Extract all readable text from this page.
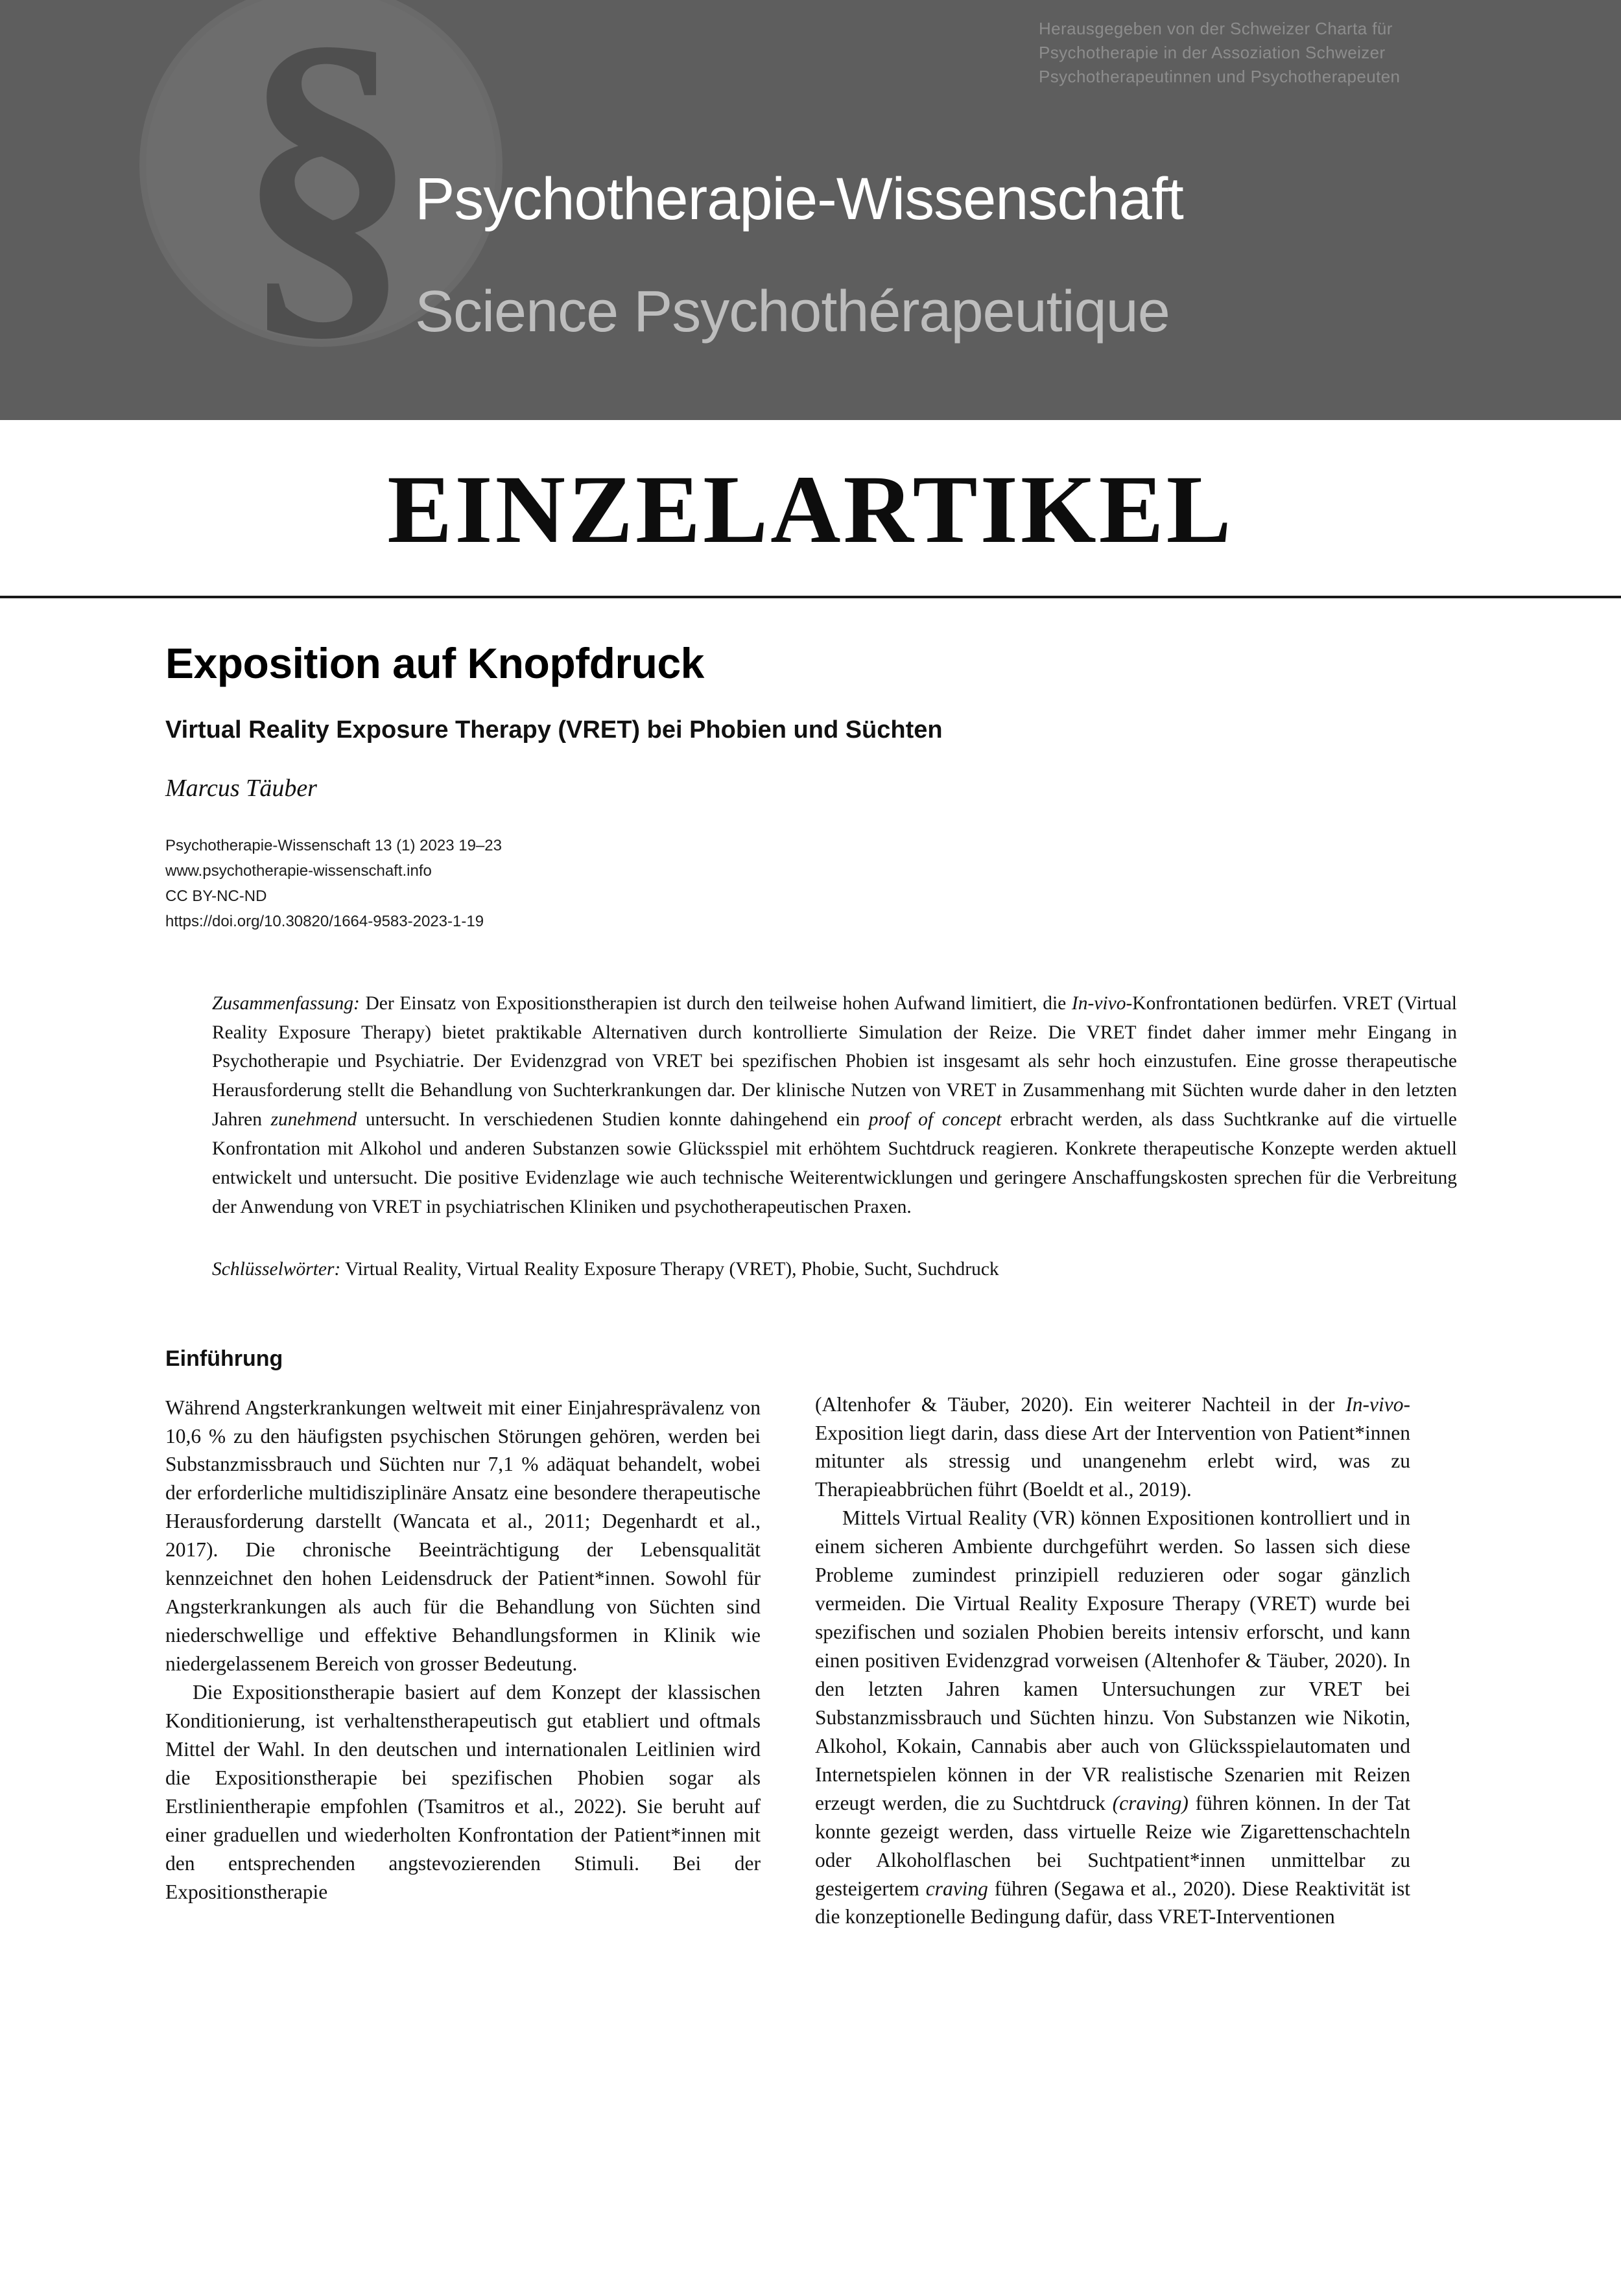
§	Herausgegeben von der Schweizer Charta für
Psychotherapie in der Assoziation Schweizer
Psychotherapeutinnen und Psychotherapeuten
Psychotherapie-Wissenschaft
Science Psychothérapeutique
EINZELARTIKEL
Exposition auf Knopfdruck
Virtual Reality Exposure Therapy (VRET) bei Phobien und Süchten
Marcus Täuber
Psychotherapie-Wissenschaft 13 (1) 2023 19–23
www.psychotherapie-wissenschaft.info
CC BY-NC-ND
https://doi.org/10.30820/1664-9583-2023-1-19
Zusammenfassung: Der Einsatz von Expositionstherapien ist durch den teilweise hohen Aufwand limitiert, die In-vivo-Konfrontationen bedürfen. VRET (Virtual Reality Exposure Therapy) bietet praktikable Alternativen durch kontrollierte Simulation der Reize. Die VRET findet daher immer mehr Eingang in Psychotherapie und Psychiatrie. Der Evidenzgrad von VRET bei spezifischen Phobien ist insgesamt als sehr hoch einzustufen. Eine grosse therapeutische Herausforderung stellt die Behandlung von Suchterkrankungen dar. Der klinische Nutzen von VRET in Zusammenhang mit Süchten wurde daher in den letzten Jahren zunehmend untersucht. In verschiedenen Studien konnte dahingehend ein proof of concept erbracht werden, als dass Suchtkranke auf die virtuelle Konfrontation mit Alkohol und anderen Substanzen sowie Glücksspiel mit erhöhtem Suchtdruck reagieren. Konkrete therapeutische Konzepte werden aktuell entwickelt und untersucht. Die positive Evidenzlage wie auch technische Weiterentwicklungen und geringere Anschaffungskosten sprechen für die Verbreitung der Anwendung von VRET in psychiatrischen Kliniken und psychotherapeutischen Praxen.
Schlüsselwörter: Virtual Reality, Virtual Reality Exposure Therapy (VRET), Phobie, Sucht, Suchdruck
Einführung

Während Angsterkrankungen weltweit mit einer Einjahresprävalenz von 10,6 % zu den häufigsten psychischen Störungen gehören, werden bei Substanzmissbrauch und Süchten nur 7,1 % adäquat behandelt, wobei der erforderliche multidisziplinäre Ansatz eine besondere therapeutische Herausforderung darstellt (Wancata et al., 2011; Degenhardt et al., 2017). Die chronische Beeinträchtigung der Lebensqualität kennzeichnet den hohen Leidensdruck der Patient*innen. Sowohl für Angsterkrankungen als auch für die Behandlung von Süchten sind niederschwellige und effektive Behandlungsformen in Klinik wie niedergelassenem Bereich von grosser Bedeutung.

Die Expositionstherapie basiert auf dem Konzept der klassischen Konditionierung, ist verhaltenstherapeutisch gut etabliert und oftmals Mittel der Wahl. In den deutschen und internationalen Leitlinien wird die Expositionstherapie bei spezifischen Phobien sogar als Erstlinientherapie empfohlen (Tsamitros et al., 2022). Sie beruht auf einer graduellen und wiederholten Konfrontation der Patient*innen mit den entsprechenden angstevozierenden Stimuli. Bei der Expositionstherapie

(Altenhofer & Täuber, 2020). Ein weiterer Nachteil in der In-vivo-Exposition liegt darin, dass diese Art der Intervention von Patient*innen mitunter als stressig und unangenehm erlebt wird, was zu Therapieabbrüchen führt (Boeldt et al., 2019).

Mittels Virtual Reality (VR) können Expositionen kontrolliert und in einem sicheren Ambiente durchgeführt werden. So lassen sich diese Probleme zumindest prinzipiell reduzieren oder sogar gänzlich vermeiden. Die Virtual Reality Exposure Therapy (VRET) wurde bei spezifischen und sozialen Phobien bereits intensiv erforscht, und kann einen positiven Evidenzgrad vorweisen (Altenhofer & Täuber, 2020). In den letzten Jahren kamen Untersuchungen zur VRET bei Substanzmissbrauch und Süchten hinzu. Von Substanzen wie Nikotin, Alkohol, Kokain, Cannabis aber auch von Glücksspielautomaten und Internetspielen können in der VR realistische Szenarien mit Reizen erzeugt werden, die zu Suchtdruck (craving) führen können. In der Tat konnte gezeigt werden, dass virtuelle Reize wie Zigarettenschachteln oder Alkoholflaschen bei Suchtpatient*innen unmittelbar zu gesteigertem craving führen (Segawa et al., 2020). Diese Reaktivität ist die konzeptionelle Bedingung dafür, dass VRET-Interventionen
